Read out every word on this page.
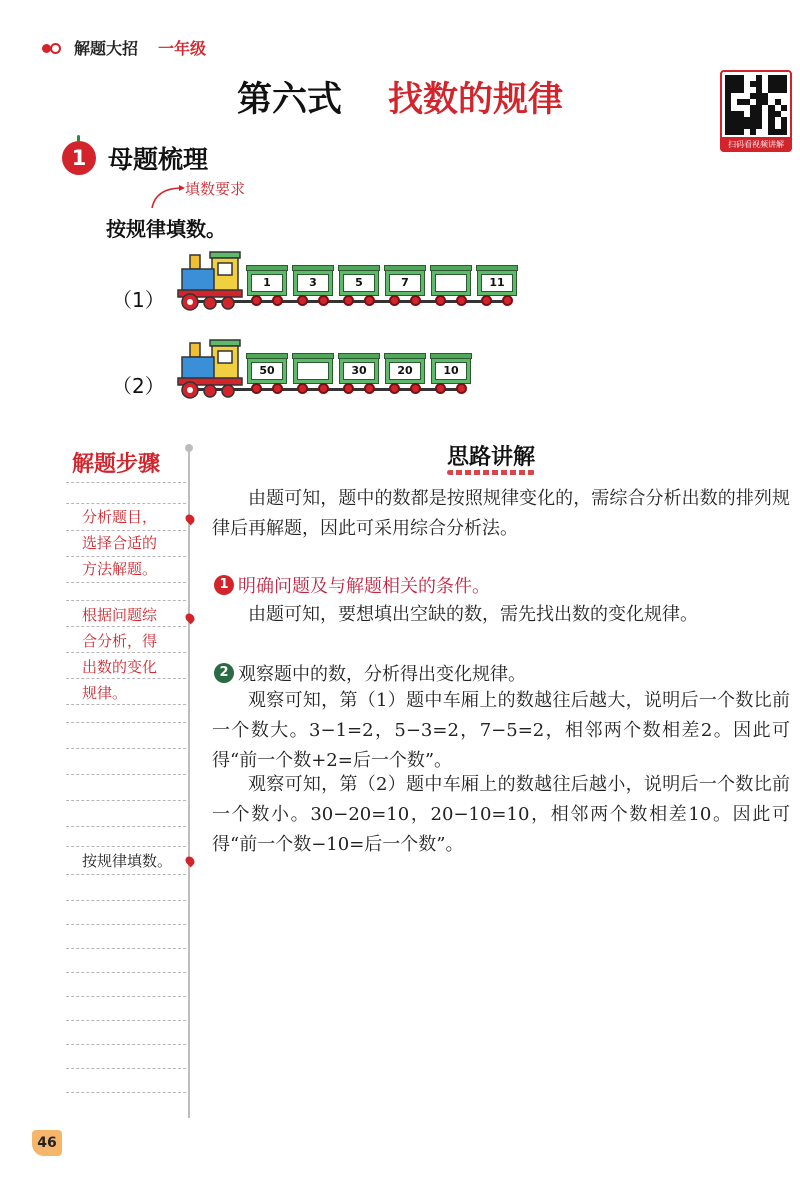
解题大招 一年级
第六式 找数的规律
扫码看视频讲解
1 母题梳理
填数要求
按规律填数。
（1）
1	3	5	7	11
（2）
50	30	20	10
解题步骤
分析题目，
选择合适的
方法解题。
根据问题综
合分析，得
出数的变化
规律。
按规律填数。
思路讲解
由题可知，题中的数都是按照规律变化的，需综合分析出数的排列规律后再解题，因此可采用综合分析法。
1 明确问题及与解题相关的条件。
由题可知，要想填出空缺的数，需先找出数的变化规律。
2 观察题中的数，分析得出变化规律。
观察可知，第（1）题中车厢上的数越往后越大，说明后一个数比前一个数大。3−1=2，5−3=2，7−5=2，相邻两个数相差2。因此可得“前一个数+2=后一个数”。
观察可知，第（2）题中车厢上的数越往后越小，说明后一个数比前一个数小。30−20=10，20−10=10，相邻两个数相差10。因此可得“前一个数−10=后一个数”。
46
